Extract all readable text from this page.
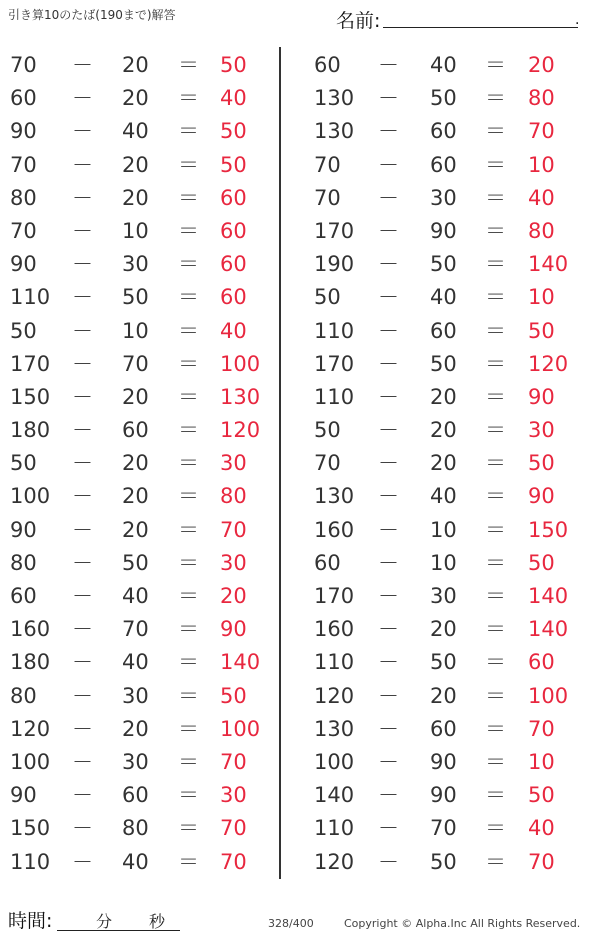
引き算10のたば(190まで)解答	名前:	.
70 － 20 ＝ 50
60 － 20 ＝ 40
90 － 40 ＝ 50
70 － 20 ＝ 50
80 － 20 ＝ 60
70 － 10 ＝ 60
90 － 30 ＝ 60
110 － 50 ＝ 60
50 － 10 ＝ 40
170 － 70 ＝ 100
150 － 20 ＝ 130
180 － 60 ＝ 120
50 － 20 ＝ 30
100 － 20 ＝ 80
90 － 20 ＝ 70
80 － 50 ＝ 30
60 － 40 ＝ 20
160 － 70 ＝ 90
180 － 40 ＝ 140
80 － 30 ＝ 50
120 － 20 ＝ 100
100 － 30 ＝ 70
90 － 60 ＝ 30
150 － 80 ＝ 70
110 － 40 ＝ 70
60 － 40 ＝ 20
130 － 50 ＝ 80
130 － 60 ＝ 70
70 － 60 ＝ 10
70 － 30 ＝ 40
170 － 90 ＝ 80
190 － 50 ＝ 140
50 － 40 ＝ 10
110 － 60 ＝ 50
170 － 50 ＝ 120
110 － 20 ＝ 90
50 － 20 ＝ 30
70 － 20 ＝ 50
130 － 40 ＝ 90
160 － 10 ＝ 150
60 － 10 ＝ 50
170 － 30 ＝ 140
160 － 20 ＝ 140
110 － 50 ＝ 60
120 － 20 ＝ 100
130 － 60 ＝ 70
100 － 90 ＝ 10
140 － 90 ＝ 50
110 － 70 ＝ 40
120 － 50 ＝ 70
時間:	分 秒	328/400	Copyright © Alpha.Inc All Rights Reserved.
